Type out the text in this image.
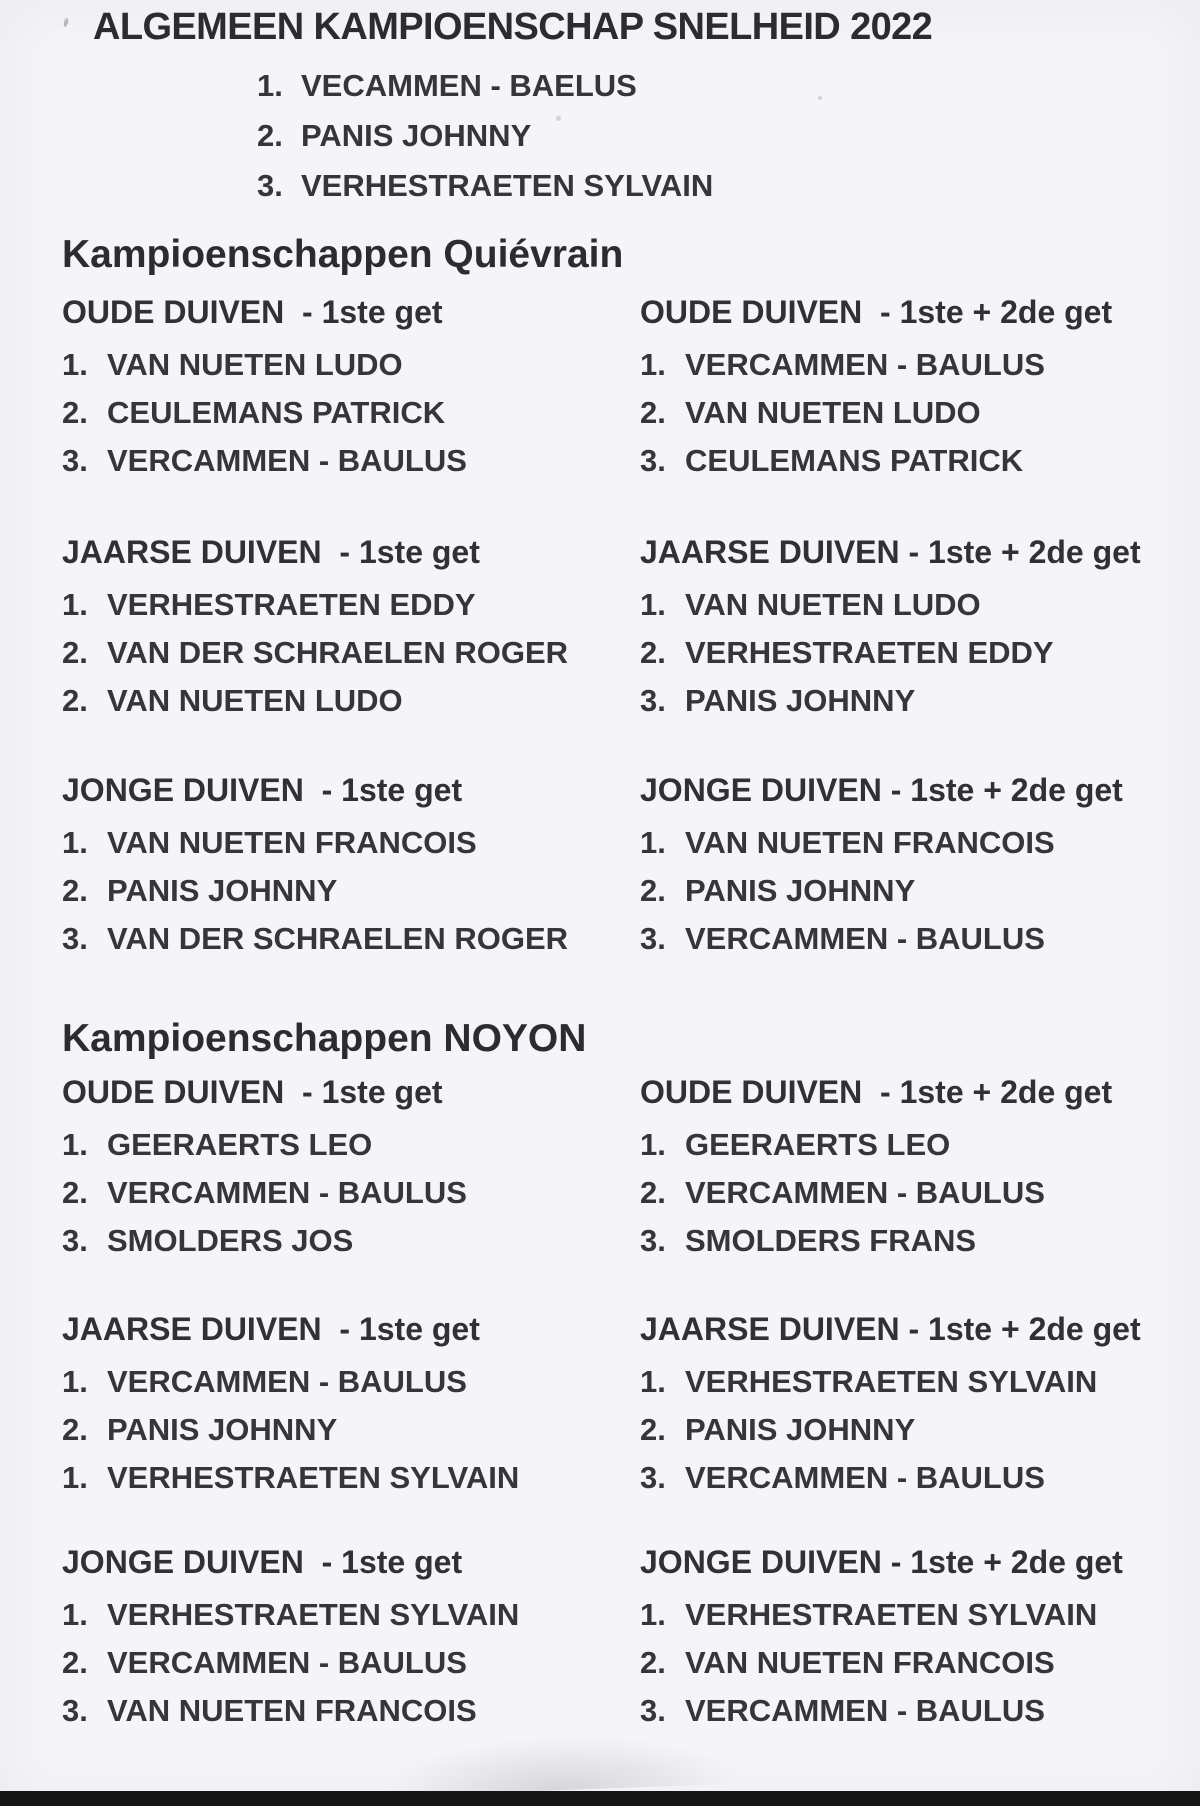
ALGEMEEN KAMPIOENSCHAP SNELHEID 2022
1. VECAMMEN - BAELUS
2. PANIS JOHNNY
3. VERHESTRAETEN SYLVAIN
Kampioenschappen Quiévrain
OUDE DUIVEN  - 1ste get
1. VAN NUETEN LUDO
2. CEULEMANS PATRICK
3. VERCAMMEN - BAULUS
OUDE DUIVEN  - 1ste + 2de get
1. VERCAMMEN - BAULUS
2. VAN NUETEN LUDO
3. CEULEMANS PATRICK
JAARSE DUIVEN  - 1ste get
1. VERHESTRAETEN EDDY
2. VAN DER SCHRAELEN ROGER
2. VAN NUETEN LUDO
JAARSE DUIVEN - 1ste + 2de get
1. VAN NUETEN LUDO
2. VERHESTRAETEN EDDY
3. PANIS JOHNNY
JONGE DUIVEN  - 1ste get
1. VAN NUETEN FRANCOIS
2. PANIS JOHNNY
3. VAN DER SCHRAELEN ROGER
JONGE DUIVEN - 1ste + 2de get
1. VAN NUETEN FRANCOIS
2. PANIS JOHNNY
3. VERCAMMEN - BAULUS
Kampioenschappen NOYON
OUDE DUIVEN  - 1ste get
1. GEERAERTS LEO
2. VERCAMMEN - BAULUS
3. SMOLDERS JOS
OUDE DUIVEN  - 1ste + 2de get
1. GEERAERTS LEO
2. VERCAMMEN - BAULUS
3. SMOLDERS FRANS
JAARSE DUIVEN  - 1ste get
1. VERCAMMEN - BAULUS
2. PANIS JOHNNY
1. VERHESTRAETEN SYLVAIN
JAARSE DUIVEN - 1ste + 2de get
1. VERHESTRAETEN SYLVAIN
2. PANIS JOHNNY
3. VERCAMMEN - BAULUS
JONGE DUIVEN  - 1ste get
1. VERHESTRAETEN SYLVAIN
2. VERCAMMEN - BAULUS
3. VAN NUETEN FRANCOIS
JONGE DUIVEN - 1ste + 2de get
1. VERHESTRAETEN SYLVAIN
2. VAN NUETEN FRANCOIS
3. VERCAMMEN - BAULUS
